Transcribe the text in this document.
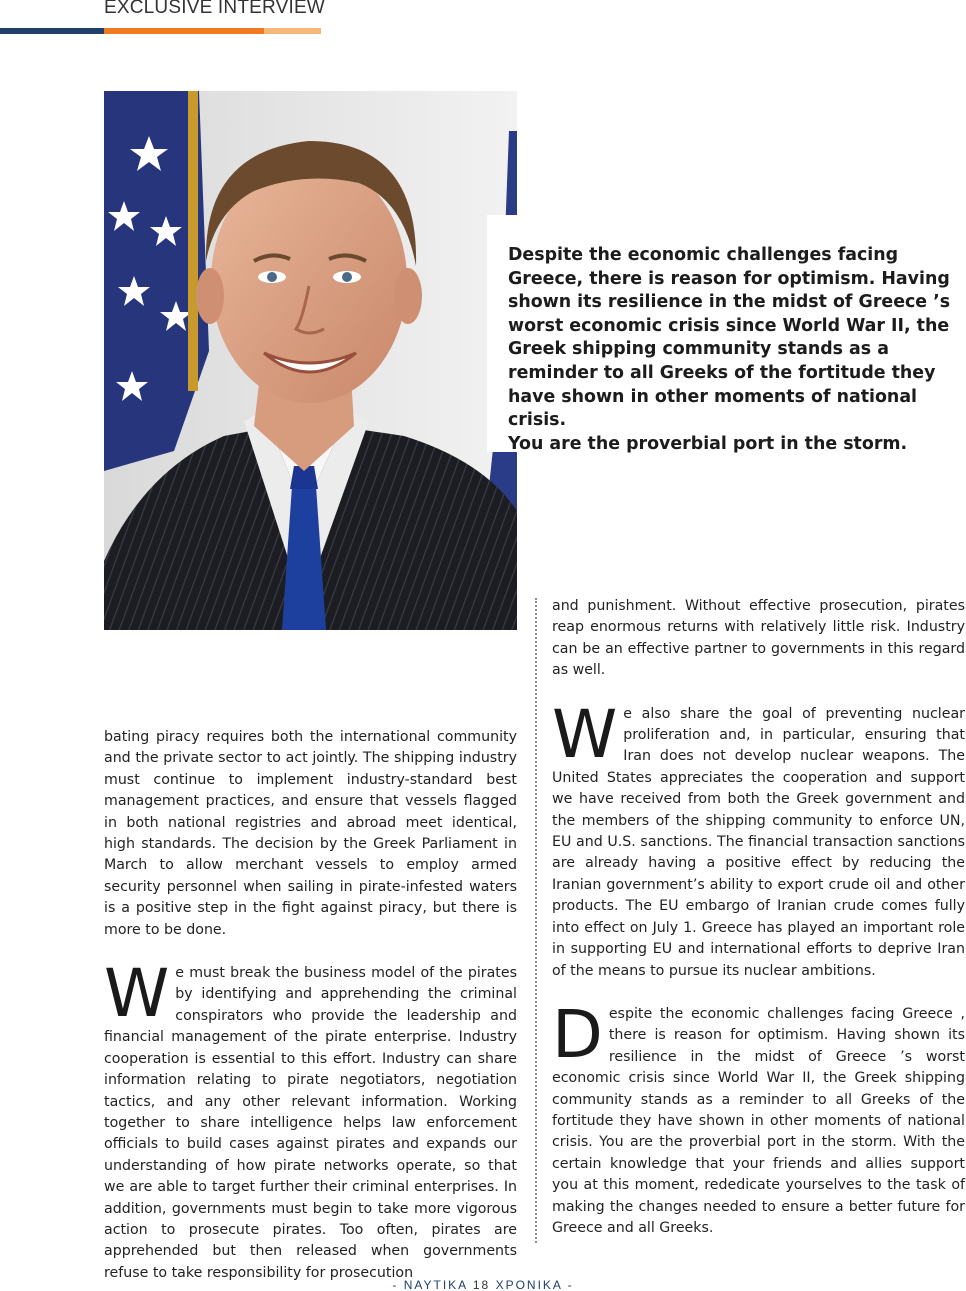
EXCLUSIVE INTERVIEW

Despite the economic challenges facing Greece, there is reason for optimism. Having shown its resilience in the midst of Greece ’s worst economic crisis since World War II, the Greek shipping community stands as a reminder to all Greeks of the fortitude they have shown in other moments of national crisis.

You are the proverbial port in the storm.

bating piracy requires both the international community and the private sector to act jointly. The shipping industry must continue to implement industry-standard best management practices, and ensure that vessels flagged in both national registries and abroad meet identical, high standards. The decision by the Greek Parliament in March to allow merchant vessels to employ armed security personnel when sailing in pirate-infested waters is a positive step in the fight against piracy, but there is more to be done.

We must break the business model of the pirates by identifying and apprehending the criminal conspirators who provide the leadership and financial management of the pirate enterprise. Industry cooperation is essential to this effort. Industry can share information relating to pirate negotiators, negotiation tactics, and any other relevant information. Working together to share intelligence helps law enforcement officials to build cases against pirates and expands our understanding of how pirate networks operate, so that we are able to target further their criminal enterprises. In addition, governments must begin to take more vigorous action to prosecute pirates. Too often, pirates are apprehended but then released when governments refuse to take responsibility for prosecution

and punishment. Without effective prosecution, pirates reap enormous returns with relatively little risk. Industry can be an effective partner to governments in this regard as well.

We also share the goal of preventing nuclear proliferation and, in particular, ensuring that Iran does not develop nuclear weapons. The United States appreciates the cooperation and support we have received from both the Greek government and the members of the shipping community to enforce UN, EU and U.S. sanctions. The financial transaction sanctions are already having a positive effect by reducing the Iranian government’s ability to export crude oil and other products. The EU embargo of Iranian crude comes fully into effect on July 1. Greece has played an important role in supporting EU and international efforts to deprive Iran of the means to pursue its nuclear ambitions.

Despite the economic challenges facing Greece , there is reason for optimism. Having shown its resilience in the midst of Greece ’s worst economic crisis since World War II, the Greek shipping community stands as a reminder to all Greeks of the fortitude they have shown in other moments of national crisis. You are the proverbial port in the storm. With the certain knowledge that your friends and allies support you at this moment, rededicate yourselves to the task of making the changes needed to ensure a better future for Greece and all Greeks.

- ΝΑΥΤΙΚΑ 18 ΧΡΟΝΙΚΑ -
